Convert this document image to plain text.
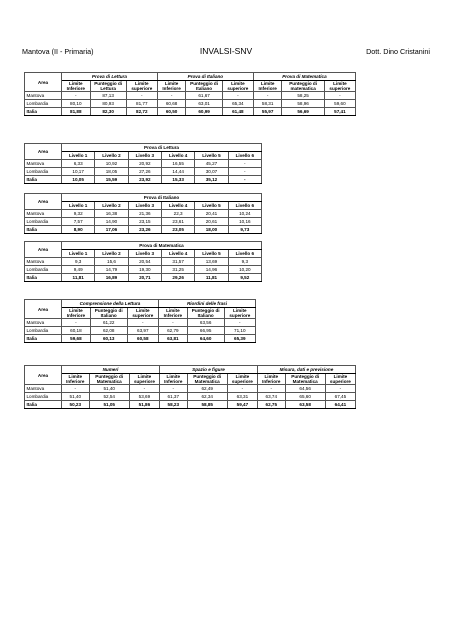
Mantova (II - Primaria)	INVALSI-SNV	Dott. Dino Cristanini
Area	Prova di Lettura			Prova di Italiano			Prova di Matematica		
	Limite Inferiore	Punteggio di Lettura	Limite superiore	Limite Inferiore	Punteggio di Italiano	Limite superiore	Limite Inferiore	Punteggio di matematica	Limite superiore
Mantova	-	87,13	-	-	61,67	-	-	58,25	-
Lombardia	80,10	80,93	81,77	60,68	63,01	65,34	58,31	58,96	59,60
Italia	81,88	82,30	82,72	60,50	60,99	61,48	55,97	56,69	57,41
Area	Prova di Lettura					
	Livello 1	Livello 2	Livello 3	Livello 4	Livello 5	Livello 6
Mantova	6,33	10,92	20,92	16,55	45,27	-
Lombardia	10,17	18,05	27,26	14,44	30,07	-
Italia	10,05	15,59	23,92	15,33	35,12	-
Area	Prova di Italiano					
	Livello 1	Livello 2	Livello 3	Livello 4	Livello 5	Livello 6
Mantova	9,32	16,38	21,36	22,3	20,41	10,24
Lombardia	7,57	14,90	23,15	23,61	20,61	10,16
Italia	8,90	17,06	23,26	23,05	18,00	9,73
Area	Prova di Matematica					
	Livello 1	Livello 2	Livello 3	Livello 4	Livello 5	Livello 6
Mantova	9,3	15,6	20,54	31,57	13,69	9,3
Lombardia	9,49	14,79	19,30	31,25	14,96	10,20
Italia	11,81	16,89	20,71	29,26	11,81	9,52
Area	Comprensione della Lettura			Riordini delle frasi		
	Limite Inferiore	Punteggio di Italiano	Limite superiore	Limite Inferiore	Punteggio di Italiano	Limite superiore
Mantova	-	61,22	-	-	63,56	-
Lombardia	60,18	62,08	63,97	62,79	66,95	71,10
Italia	59,68	60,13	60,58	63,81	64,60	65,39
Area	Numeri			Spazio e figure			Misura, dati e previsione		
	Limite Inferiore	Punteggio di Matematica	Limite superiore	Limite Inferiore	Punteggio di Matematica	Limite superiore	Limite Inferiore	Punteggio di Matematica	Limite superiore
Mantova	-	51,40	-	-	62,49	-	-	64,56	-
Lombardia	51,40	52,54	53,69	61,37	62,34	63,31	63,74	65,60	67,45
Italia	50,23	51,05	51,86	58,23	58,85	59,47	62,75	63,58	64,41
